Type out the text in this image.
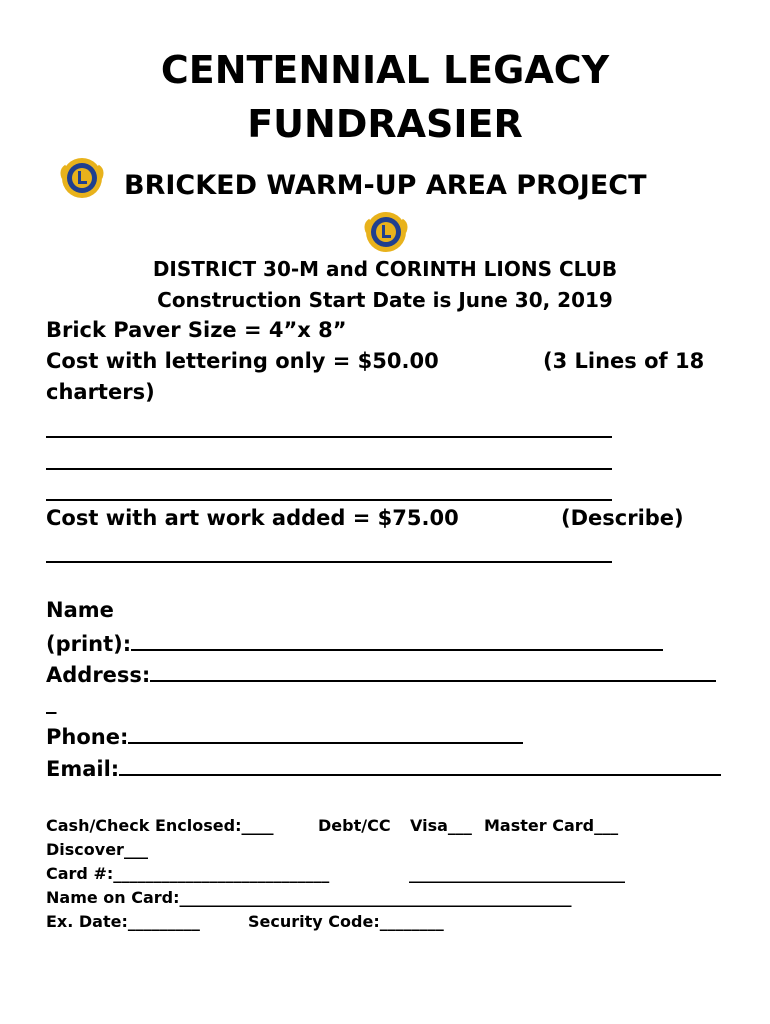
CENTENNIAL LEGACY
FUNDRASIER
BRICKED WARM-UP AREA PROJECT
DISTRICT 30-M and CORINTH LIONS CLUB
Construction Start Date is June 30, 2019
Brick Paver Size = 4”x 8”
Cost with lettering only = $50.00	(3 Lines of 18
charters)
Cost with art work added = $75.00	(Describe)
Name
(print):
Address:
_
Phone:
Email:
Cash/Check Enclosed:____	Debt/CC Visa___ Master Card___
Discover___
Card #:___________________________	___________________________
Name on Card:_________________________________________________
Ex. Date:_________	Security Code:________
